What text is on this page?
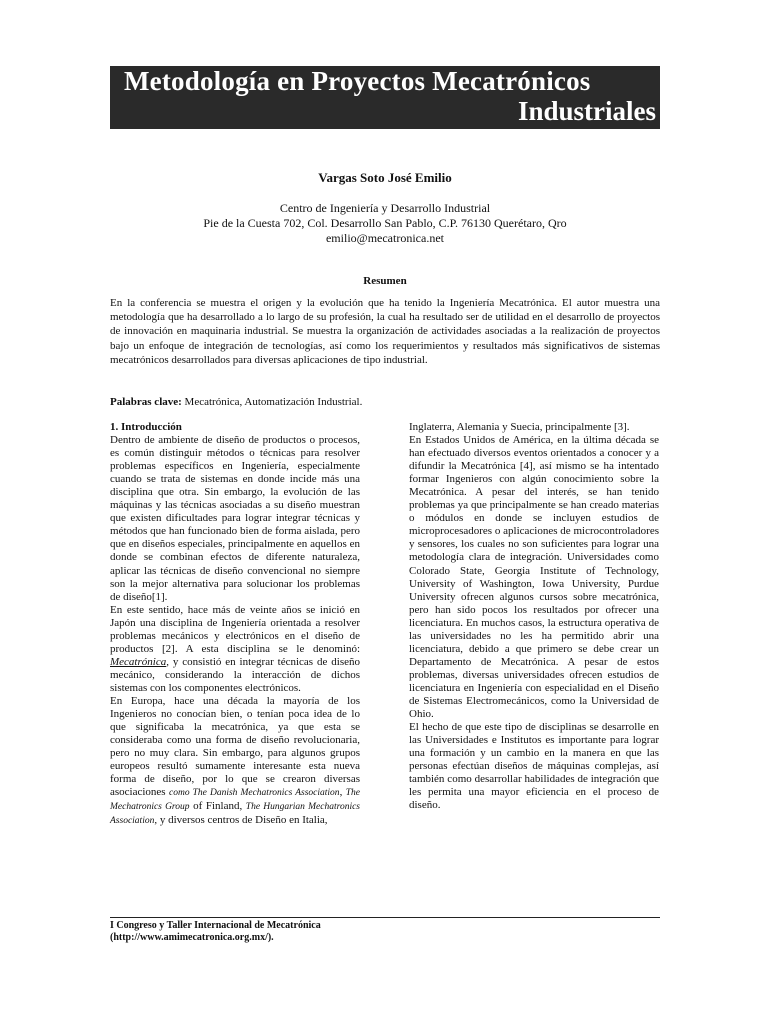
Metodología en Proyectos Mecatrónicos
Industriales
Vargas Soto José Emilio
Centro de Ingeniería y Desarrollo Industrial
Pie de la Cuesta 702, Col. Desarrollo San Pablo, C.P. 76130 Querétaro, Qro
emilio@mecatronica.net
Resumen
En la conferencia se muestra el origen y la evolución que ha tenido la Ingeniería Mecatrónica. El autor muestra una metodología que ha desarrollado a lo largo de su profesión, la cual ha resultado ser de utilidad en el desarrollo de proyectos de innovación en maquinaria industrial. Se muestra la organización de actividades asociadas a la realización de proyectos bajo un enfoque de integración de tecnologías, así como los requerimientos y resultados más significativos de sistemas mecatrónicos desarrollados para diversas aplicaciones de tipo industrial.
Palabras clave: Mecatrónica, Automatización Industrial.

1. Introducción

Dentro de ambiente de diseño de productos o procesos, es común distinguir métodos o técnicas para resolver problemas específicos en Ingeniería, especialmente cuando se trata de sistemas en donde incide más una disciplina que otra. Sin embargo, la evolución de las máquinas y las técnicas asociadas a su diseño muestran que existen dificultades para lograr integrar técnicas y métodos que han funcionado bien de forma aislada, pero que en diseños especiales, principalmente en aquellos en donde se combinan efectos de diferente naturaleza, aplicar las técnicas de diseño convencional no siempre son la mejor alternativa para solucionar los problemas de diseño[1].

En este sentido, hace más de veinte años se inició en Japón una disciplina de Ingeniería orientada a resolver problemas mecánicos y electrónicos en el diseño de productos [2]. A esta disciplina se le denominó: Mecatrónica, y consistió en integrar técnicas de diseño mecánico, considerando la interacción de dichos sistemas con los componentes electrónicos.

En Europa, hace una década la mayoría de los Ingenieros no conocían bien, o tenían poca idea de lo que significaba la mecatrónica, ya que esta se consideraba como una forma de diseño revolucionaria, pero no muy clara. Sin embargo, para algunos grupos europeos resultó sumamente interesante esta nueva forma de diseño, por lo que se crearon diversas asociaciones como The Danish Mechatronics Association, The Mechatronics Group of Finland, The Hungarian Mechatronics Association, y diversos centros de Diseño en Italia,

Inglaterra, Alemania y Suecia, principalmente [3].

En Estados Unidos de América, en la última década se han efectuado diversos eventos orientados a conocer y a difundir la Mecatrónica [4], así mismo se ha intentado formar Ingenieros con algún conocimiento sobre la Mecatrónica. A pesar del interés, se han tenido problemas ya que principalmente se han creado materias o módulos en donde se incluyen estudios de microprocesadores o aplicaciones de microcontroladores y sensores, los cuales no son suficientes para lograr una metodología clara de integración. Universidades como Colorado State, Georgia Institute of Technology, University of Washington, Iowa University, Purdue University ofrecen algunos cursos sobre mecatrónica, pero han sido pocos los resultados por ofrecer una licenciatura. En muchos casos, la estructura operativa de las universidades no les ha permitido abrir una licenciatura, debido a que primero se debe crear un Departamento de Mecatrónica. A pesar de estos problemas, diversas universidades ofrecen estudios de licenciatura en Ingeniería con especialidad en el Diseño de Sistemas Electromecánicos, como la Universidad de Ohio.

El hecho de que este tipo de disciplinas se desarrolle en las Universidades e Institutos es importante para lograr una formación y un cambio en la manera en que las personas efectúan diseños de máquinas complejas, así también como desarrollar habilidades de integración que les permita una mayor eficiencia en el proceso de diseño.

I Congreso y Taller Internacional de Mecatrónica
(http://www.amimecatronica.org.mx/).
